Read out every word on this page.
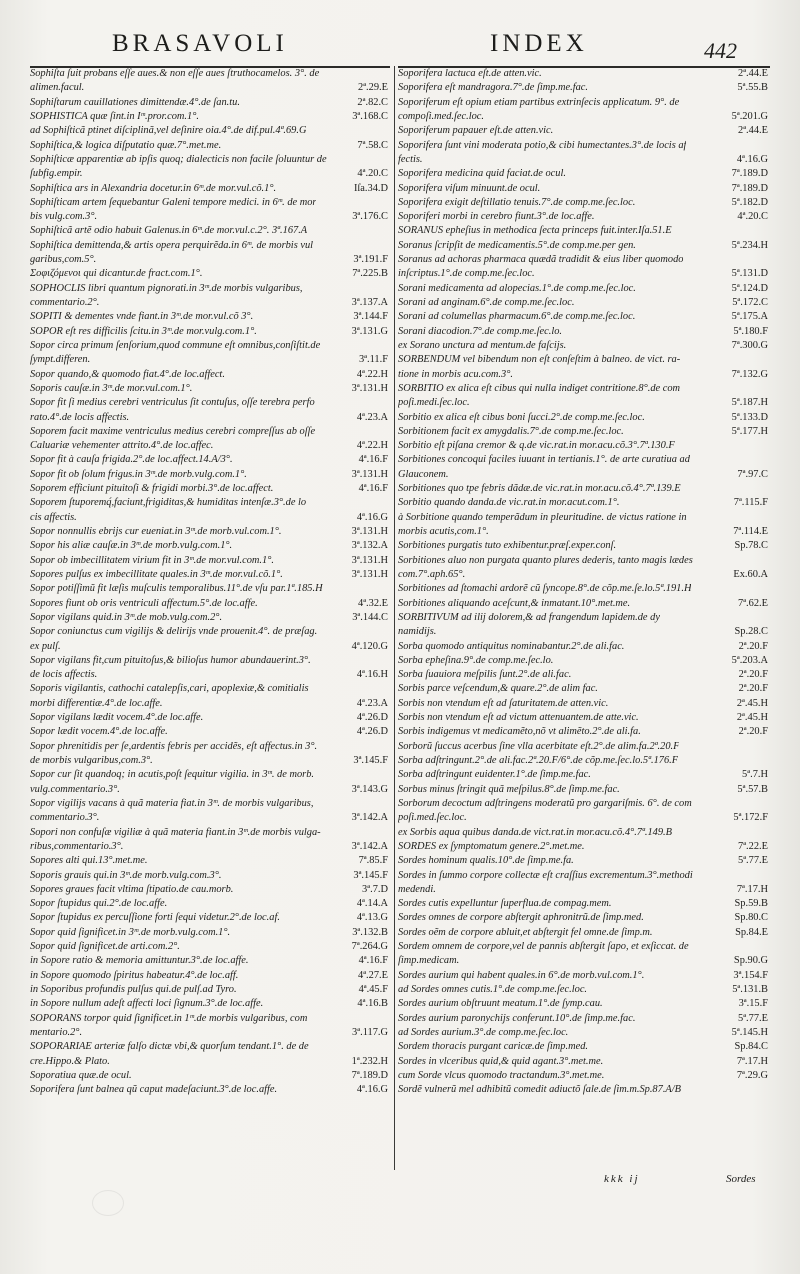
BRASAVOLI	INDEX	442
Sophiſta ſuit probans eſſe aues.& non eſſe aues ſtruthocamelos. 3°. de
alimen.facul.	2ª.29.E
Sophiſtarum cauillationes dimittendæ.4°.de ſan.tu.	2ª.82.C
SOPHISTICA quæ ſint.in Iᵐ.pror.com.1°.	3ª.168.C
ad Sophiſticã ptinet diſciplinã,vel deſinire oia.4°.de dif.pul.4ª.69.G
Sophiſtica,& logica diſputatio quæ.7°.met.me.	7ª.58.C
Sophiſticæ apparentiæ ab ipſis quoq; dialecticis non facile ſoluuntur de
ſubfig.empir.	4ª.20.C
Sophiſtica ars in Alexandria docetur.in 6ᵐ.de mor.vul.cõ.1°.	Iſa.34.D
Sophiſticam artem ſequebantur Galeni tempore medici. in 6ᵐ. de mor
bis vulg.com.3°.	3ª.176.C
Sophiſticã artẽ odio habuit Galenus.in 6ᵐ.de mor.vul.c.2°. 3ª.167.A
Sophiſtica demittenda,& artis opera perquirẽda.in 6ᵐ. de morbis vul
garibus,com.5°.	3ª.191.F
Σοφιζόμενοι qui dicantur.de fract.com.1°.	7ª.225.B
SOPHOCLIS libri quantum pignorati.in 3ᵐ.de morbis vulgaribus,
commentario.2°.	3ª.137.A
SOPITI & dementes vnde fiant.in 3ᵐ.de mor.vul.cõ 3°.	3ª.144.F
SOPOR eſt res difficilis ſcitu.in 3ᵐ.de mor.vulg.com.1°.	3ª.131.G
Sopor circa primum ſenſorium,quod commune eſt omnibus,conſiſtit.de
ſympt.differen.	3ª.11.F
Sopor quando,& quomodo fiat.4°.de loc.affect.	4ª.22.H
Soporis cauſæ.in 3ᵐ.de mor.vul.com.1°.	3ª.131.H
Sopor fit ſi medius cerebri ventriculus ſit contuſus, oſſe terebra perfo
rato.4°.de locis affectis.	4ª.23.A
Soporem facit maxime ventriculus medius cerebri compreſſus ab oſſe
Caluariæ vehementer attrito.4°.de loc.affec.	4ª.22.H
Sopor fit à cauſa frigida.2°.de loc.affect.14.A/3°.	4ª.16.F
Sopor fit ob ſolum frigus.in 3ᵐ.de morb.vulg.com.1°.	3ª.131.H
Soporem efficiunt pituitoſi & frigidi morbi.3°.de loc.affect.	4ª.16.F
Soporem ſtuporemq́,faciunt,frigiditas,& humiditas intenſæ.3°.de lo
cis affectis.	4ª.16.G
Sopor nonnullis ebrijs cur eueniat.in 3ᵐ.de morb.vul.com.1°.	3ª.131.H
Sopor his aliæ cauſæ.in 3ᵐ.de morb.vulg.com.1°.	3ª.132.A
Sopor ob imbecillitatem virium fit in 3ᵐ.de mor.vul.com.1°.	3ª.131.H
Sopores pulſus ex imbecillitate quales.in 3ᵐ.de mor.vul.cõ.1°.	3ª.131.H
Sopor potiſſimũ fit læſis muſculis temporalibus.11°.de vſu par.1ª.185.H
Sopores fiunt ob oris ventriculi affectum.5°.de loc.affe.	4ª.32.E
Sopor vigilans quid.in 3ᵐ.de mob.vulg.com.2°.	3ª.144.C
Sopor coniunctus cum vigilijs & delirijs vnde prouenit.4°. de præſag.
ex pulſ.	4ª.120.G
Sopor vigilans fit,cum pituitoſus,& bilioſus humor abundauerint.3°.
de locis affectis.	4ª.16.H
Soporis vigilantis, cathochi catalepſis,cari, apoplexiæ,& comitialis
morbi differentiæ.4°.de loc.affe.	4ª.23.A
Sopor vigilans lædit vocem.4°.de loc.affe.	4ª.26.D
Sopor lædit vocem.4°.de loc.affe.	4ª.26.D
Sopor phrenitidis per ſe,ardentis febris per accidẽs, eſt affectus.in 3°.
de morbis vulgaribus,com.3°.	3ª.145.F
Sopor cur ſit quandoq; in acutis,poſt ſequitur vigilia. in 3ᵐ. de morb.
vulg.commentario.3°.	3ª.143.G
Sopor vigilijs vacans à quã materia fiat.in 3ᵐ. de morbis vulgaribus,
commentario.3°.	3ª.142.A
Sopori non confuſæ vigiliæ à quã materia fiant.in 3ᵐ.de morbis vulga-
ribus,commentario.3°.	3ª.142.A
Sopores alti qui.13°.met.me.	7ª.85.F
Soporis grauis qui.in 3ᵐ.de morb.vulg.com.3°.	3ª.145.F
Sopores graues facit vltima ſtipatio.de cau.morb.	3ª.7.D
Sopor ſtupidus qui.2°.de loc.affe.	4ª.14.A
Sopor ſtupidus ex percuſſione forti ſequi videtur.2°.de loc.af.	4ª.13.G
Sopor quid ſignificet.in 3ᵐ.de morb.vulg.com.1°.	3ª.132.B
Sopor quid ſignificet.de arti.com.2°.	7ª.264.G
in Sopore ratio & memoria amittuntur.3°.de loc.affe.	4ª.16.F
in Sopore quomodo ſpiritus habeatur.4°.de loc.aff.	4ª.27.E
in Soporibus profundis pulſus qui.de pulſ.ad Tyro.	4ª.45.F
in Sopore nullum adeſt affecti loci ſignum.3°.de loc.affe.	4ª.16.B
SOPORANS torpor quid ſignificet.in 1ᵐ.de morbis vulgaribus, com
mentario.2°.	3ª.117.G
SOPORARIAE arteriæ falſo dictæ vbi,& quorſum tendant.1°. de de
cre.Hippo.& Plato.	1ª.232.H
Soporatiua quæ.de ocul.	7ª.189.D
Soporifera ſunt balnea qũ caput madeſaciunt.3°.de loc.affe.	4ª.16.G
Soporifera lactuca eſt.de atten.vic.	2ª.44.E
Soporifera eſt mandragora.7°.de ſimp.me.fac.	5ª.55.B
Soporiferum eſt opium etiam partibus extrinſecis applicatum. 9°. de
compoſi.med.ſec.loc.	5ª.201.G
Soporiferum papauer eſt.de atten.vic.	2ª.44.E
Soporifera ſunt vini moderata potio,& cibi humectantes.3°.de locis af
fectis.	4ª.16.G
Soporifera medicina quid faciat.de ocul.	7ª.189.D
Soporifera viſum minuunt.de ocul.	7ª.189.D
Soporifera exigit deſtillatio tenuis.7°.de comp.me.ſec.loc.	5ª.182.D
Soporiferi morbi in cerebro fiunt.3°.de loc.affe.	4ª.20.C
SORANUS epheſius in methodica ſecta princeps fuit.inter.Iſa.51.E
Soranus ſcripſit de medicamentis.5°.de comp.me.per gen.	5ª.234.H
Soranus ad achoras pharmaca quædã tradidit & eius liber quomodo
inſcriptus.1°.de comp.me.ſec.loc.	5ª.131.D
Sorani medicamenta ad alopecias.1°.de comp.me.ſec.loc.	5ª.124.D
Sorani ad anginam.6°.de comp.me.ſec.loc.	5ª.172.C
Sorani ad columellas pharmacum.6°.de comp.me.ſec.loc.	5ª.175.A
Sorani diacodion.7°.de comp.me.ſec.lo.	5ª.180.F
ex Sorano unctura ad mentum.de faſcijs.	7ª.300.G
SORBENDUM vel bibendum non eſt conſeſtim à balneo. de vict. ra-
tione in morbis acu.com.3°.	7ª.132.G
SORBITIO ex alica eſt cibus qui nulla indiget contritione.8°.de com
poſi.medi.ſec.loc.	5ª.187.H
Sorbitio ex alica eſt cibus boni ſucci.2°.de comp.me.ſec.loc.	5ª.133.D
Sorbitionem facit ex amygdalis.7°.de comp.me.ſec.loc.	5ª.177.H
Sorbitio eſt piſana cremor & q.de vic.rat.in mor.acu.cõ.3°.7ª.130.F
Sorbitiones concoqui faciles iuuant in tertianis.1°. de arte curatiua ad
Glauconem.	7ª.97.C
Sorbitiones quo tpe febris dãdæ.de vic.rat.in mor.acu.cõ.4°.7ª.139.E
Sorbitio quando danda.de vic.rat.in mor.acut.com.1°.	7ª.115.F
à Sorbitione quando temperãdum in pleuritudine. de victus ratione in
morbis acutis,com.1°.	7ª.114.E
Sorbitiones purgatis tuto exhibentur.præſ.exper.conſ.	Sp.78.C
Sorbitiones aluo non purgata quanto plures dederis, tanto magis lædes
com.7°.aph.65°.	Ex.60.A
Sorbitiones ad ſtomachi ardorẽ cũ ſyncope.8°.de cõp.me.ſe.lo.5ª.191.H
Sorbitiones aliquando aceſcunt,& inmatant.10°.met.me.	7ª.62.E
SORBITIVUM ad ilij dolorem,& ad frangendum lapidem.de dy
namidijs.	Sp.28.C
Sorba quomodo antiquitus nominabantur.2°.de ali.fac.	2ª.20.F
Sorba epheſina.9°.de comp.me.ſec.lo.	5ª.203.A
Sorba ſuauiora meſpilis ſunt.2°.de ali.fac.	2ª.20.F
Sorbis parce veſcendum,& quare.2°.de alim fac.	2ª.20.F
Sorbis non vtendum eſt ad ſaturitatem.de atten.vic.	2ª.45.H
Sorbis non vtendum eſt ad victum attenuantem.de atte.vic.	2ª.45.H
Sorbis indigemus vt medicamẽto,nõ vt alimẽto.2°.de ali.fa.	2ª.20.F
Sorborũ ſuccus acerbus ſine vlla acerbitate eſt.2°.de alim.fa.2ª.20.F
Sorba adſtringunt.2°.de ali.fac.2ª.20.F/6°.de cõp.me.ſec.lo.5ª.176.F
Sorba adſtringunt euidenter.1°.de ſimp.me.fac.	5ª.7.H
Sorbus minus ſtringit quã meſpilus.8°.de ſimp.me.fac.	5ª.57.B
Sorborum decoctum adſtringens moderatũ pro gargariſmis. 6°. de com
poſi.med.ſec.loc.	5ª.172.F
ex Sorbis aqua quibus danda.de vict.rat.in mor.acu.cõ.4°.7ª.149.B
SORDES ex ſymptomatum genere.2°.met.me.	7ª.22.E
Sordes hominum qualis.10°.de ſimp.me.fa.	5ª.77.E
Sordes in ſummo corpore collectæ eſt craſſius excrementum.3°.methodi
medendi.	7ª.17.H
Sordes cutis expelluntur ſuperflua.de compag.mem.	Sp.59.B
Sordes omnes de corpore abſtergit aphronitrũ.de ſimp.med.	Sp.80.C
Sordes oẽm de corpore abluit,et abſtergit fel omne.de ſimp.m.	Sp.84.E
Sordem omnem de corpore,vel de pannis abſtergit ſapo, et exſiccat. de
ſimp.medicam.	Sp.90.G
Sordes aurium qui habent quales.in 6°.de morb.vul.com.1°.	3ª.154.F
ad Sordes omnes cutis.1°.de comp.me.ſec.loc.	5ª.131.B
Sordes aurium obſtruunt meatum.1°.de ſymp.cau.	3ª.15.F
Sordes aurium paronychijs conferunt.10°.de ſimp.me.fac.	5ª.77.E
ad Sordes aurium.3°.de comp.me.ſec.loc.	5ª.145.H
Sordem thoracis purgant caricæ.de ſimp.med.	Sp.84.C
Sordes in vlceribus quid,& quid agant.3°.met.me.	7ª.17.H
cum Sorde vlcus quomodo tractandum.3°.met.me.	7ª.29.G
Sordẽ vulnerũ mel adhibitũ comedit adiuctõ ſale.de ſim.m.Sp.87.A/B
kkk ij	Sordes
